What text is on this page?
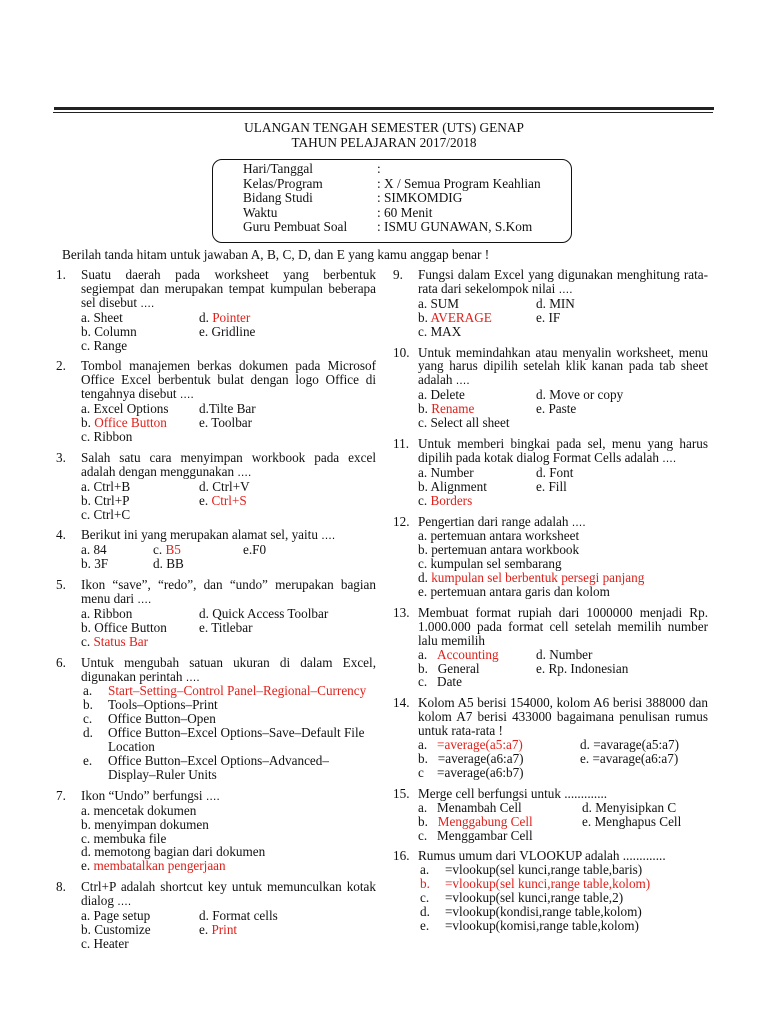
ULANGAN TENGAH SEMESTER (UTS) GENAP
TAHUN PELAJARAN 2017/2018
Hari/Tanggal	:
Kelas/Program	: X / Semua Program Keahlian
Bidang Studi	: SIMKOMDIG
Waktu	: 60 Menit
Guru Pembuat Soal : ISMU GUNAWAN, S.Kom
Berilah tanda hitam untuk jawaban A, B, C, D, dan E yang kamu anggap benar !
1. Suatu daerah pada worksheet yang berbentuk segiempat dan merupakan tempat kumpulan beberapa sel disebut ....
a. Sheet	d. Pointer
b. Column	e. Gridline
c. Range
2. Tombol manajemen berkas dokumen pada Microsof Office Excel berbentuk bulat dengan logo Office di tengahnya disebut ....
a. Excel Options	d.Tilte Bar
b. Office Button	e. Toolbar
c. Ribbon
3. Salah satu cara menyimpan workbook pada excel adalah dengan menggunakan ....
a. Ctrl+B	d. Ctrl+V
b. Ctrl+P	e. Ctrl+S
c. Ctrl+C
4. Berikut ini yang merupakan alamat sel, yaitu ....
a. 84	c. B5	e.F0
b. 3F	d. BB
5. Ikon “save”, “redo”, dan “undo” merupakan bagian menu dari ....
a. Ribbon	d. Quick Access Toolbar
b. Office Button	e. Titlebar
c. Status Bar
6. Untuk mengubah satuan ukuran di dalam Excel, digunakan perintah ....
a. Start–Setting–Control Panel–Regional–Currency
b. Tools–Options–Print
c. Office Button–Open
d. Office Button–Excel Options–Save–Default File Location
e. Office Button–Excel Options–Advanced–Display–Ruler Units
7. Ikon “Undo” berfungsi ....
a. mencetak dokumen
b. menyimpan dokumen
c. membuka file
d. memotong bagian dari dokumen
e. membatalkan pengerjaan
8. Ctrl+P adalah shortcut key untuk memunculkan kotak dialog ....
a. Page setup	d. Format cells
b. Customize	e. Print
c. Heater
9. Fungsi dalam Excel yang digunakan menghitung rata-rata dari sekelompok nilai ....
a. SUM	d. MIN
b. AVERAGE	e. IF
c. MAX
10. Untuk memindahkan atau menyalin worksheet, menu yang harus dipilih setelah klik kanan pada tab sheet adalah ....
a. Delete	d. Move or copy
b. Rename	e. Paste
c. Select all sheet
11. Untuk memberi bingkai pada sel, menu yang harus dipilih pada kotak dialog Format Cells adalah ....
a. Number	d. Font
b. Alignment	e. Fill
c. Borders
12. Pengertian dari range adalah ....
a. pertemuan antara worksheet
b. pertemuan antara workbook
c. kumpulan sel sembarang
d. kumpulan sel berbentuk persegi panjang
e. pertemuan antara garis dan kolom
13. Membuat format rupiah dari 1000000 menjadi Rp. 1.000.000 pada format cell setelah memilih number lalu memilih
a. Accounting	d. Number
b. General	e. Rp. Indonesian
c. Date
14. Kolom A5 berisi 154000, kolom A6 berisi 388000 dan kolom A7 berisi 433000 bagaimana penulisan rumus untuk rata-rata !
a. =average(a5:a7)	d. =avarage(a5:a7)
b. =average(a6:a7)	e. =avarage(a6:a7)
c =average(a6:b7)
15. Merge cell berfungsi untuk .............
a. Menambah Cell	d. Menyisipkan C
b. Menggabung Cell	e. Menghapus Cell
c. Menggambar Cell
16. Rumus umum dari VLOOKUP adalah .............
a. =vlookup(sel kunci,range table,baris)
b. =vlookup(sel kunci,range table,kolom)
c. =vlookup(sel kunci,range table,2)
d. =vlookup(kondisi,range table,kolom)
e. =vlookup(komisi,range table,kolom)
